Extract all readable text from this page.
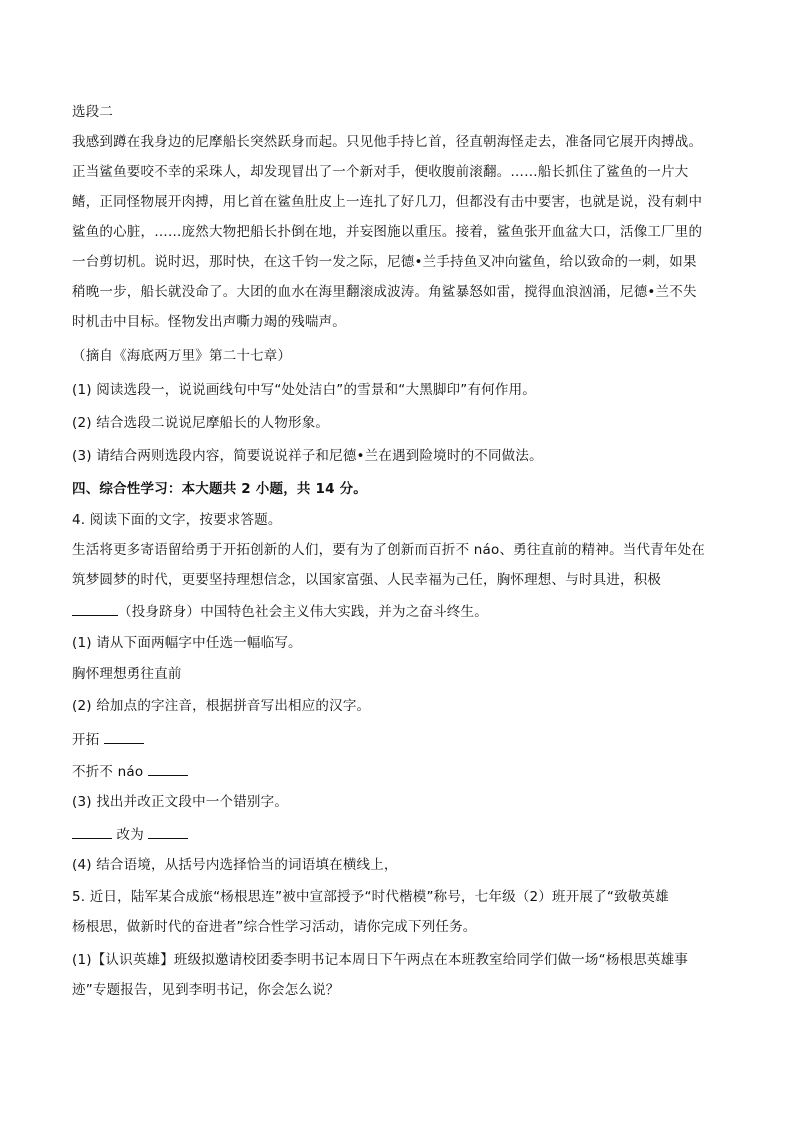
选段二
我感到蹲在我身边的尼摩船长突然跃身而起。只见他手持匕首，径直朝海怪走去，准备同它展开肉搏战。
正当鲨鱼要咬不幸的采珠人，却发现冒出了一个新对手，便收腹前滚翻。……船长抓住了鲨鱼的一片大
鳍，正同怪物展开肉搏，用匕首在鲨鱼肚皮上一连扎了好几刀，但都没有击中要害，也就是说，没有刺中
鲨鱼的心脏，……庞然大物把船长扑倒在地，并妄图施以重压。接着，鲨鱼张开血盆大口，活像工厂里的
一台剪切机。说时迟，那时快，在这千钧一发之际，尼德•兰手持鱼叉冲向鲨鱼，给以致命的一刺，如果
稍晚一步，船长就没命了。大团的血水在海里翻滚成波涛。角鲨暴怒如雷，搅得血浪汹涌，尼德•兰不失
时机击中目标。怪物发出声嘶力竭的残喘声。
（摘自《海底两万里》第二十七章）
(1) 阅读选段一，说说画线句中写“处处洁白”的雪景和“大黑脚印”有何作用。
(2) 结合选段二说说尼摩船长的人物形象。
(3) 请结合两则选段内容，简要说说祥子和尼德•兰在遇到险境时的不同做法。
四、综合性学习：本大题共 2 小题，共 14 分。
4. 阅读下面的文字，按要求答题。
生活将更多寄语留给勇于开拓创新的人们，要有为了创新而百折不 náo、勇往直前的精神。当代青年处在
筑梦圆梦的时代，更要坚持理想信念，以国家富强、人民幸福为己任，胸怀理想、与时具进，积极
（投身跻身）中国特色社会主义伟大实践，并为之奋斗终生。
(1) 请从下面两幅字中任选一幅临写。
胸怀理想勇往直前
(2) 给加点的字注音，根据拼音写出相应的汉字。
开拓
不折不 náo
(3) 找出并改正文段中一个错别字。
改为
(4) 结合语境，从括号内选择恰当的词语填在横线上，
5. 近日，陆军某合成旅“杨根思连”被中宣部授予“时代楷模”称号，七年级（2）班开展了“致敬英雄
杨根思，做新时代的奋进者”综合性学习活动，请你完成下列任务。
(1)【认识英雄】班级拟邀请校团委李明书记本周日下午两点在本班教室给同学们做一场“杨根思英雄事
迹”专题报告，见到李明书记，你会怎么说？
